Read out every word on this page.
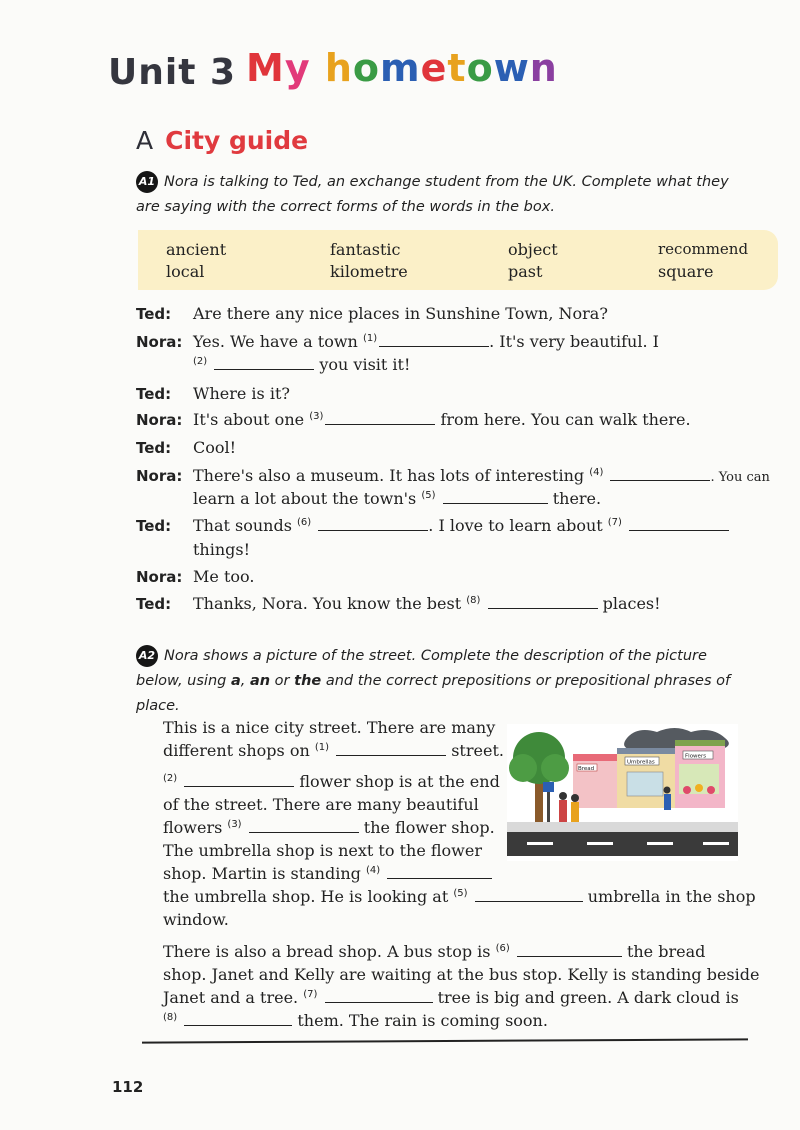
Unit 3 My hometown
A City guide
A1 Nora is talking to Ted, an exchange student from the UK. Complete what they are saying with the correct forms of the words in the box.
ancient	fantastic	object	recommend
local	kilometre	past	square
Ted: Are there any nice places in Sunshine Town, Nora?
Nora: Yes. We have a town $^{(1)}$	. It's very beautiful. I
$^{(2)}$	you visit it!
Ted: Where is it?
Nora: It's about one $^{(3)}$	from here. You can walk there.
Ted: Cool!
Nora: There's also a museum. It has lots of interesting $^{(4)}$	. You can
learn a lot about the town's $^{(5)}$	there.
Ted: That sounds $^{(6)}$	. I love to learn about $^{(7)}$
things!
Nora: Me too.
Ted: Thanks, Nora. You know the best $^{(8)}$	places!
A2 Nora shows a picture of the street. Complete the description of the picture below, using a, an or the and the correct prepositions or prepositional phrases of place.
This is a nice city street. There are many
different shops on $^{(1)}$	street.
$^{(2)}$	flower shop is at the end
of the street. There are many beautiful
flowers $^{(3)}$	the flower shop.
The umbrella shop is next to the flower
shop. Martin is standing $^{(4)}$
the umbrella shop. He is looking at $^{(5)}$	umbrella in the shop
window.
There is also a bread shop. A bus stop is $^{(6)}$	the bread
shop. Janet and Kelly are waiting at the bus stop. Kelly is standing beside
Janet and a tree. $^{(7)}$	tree is big and green. A dark cloud is
$^{(8)}$	them. The rain is coming soon.
Bread
Umbrellas
Flowers
112
